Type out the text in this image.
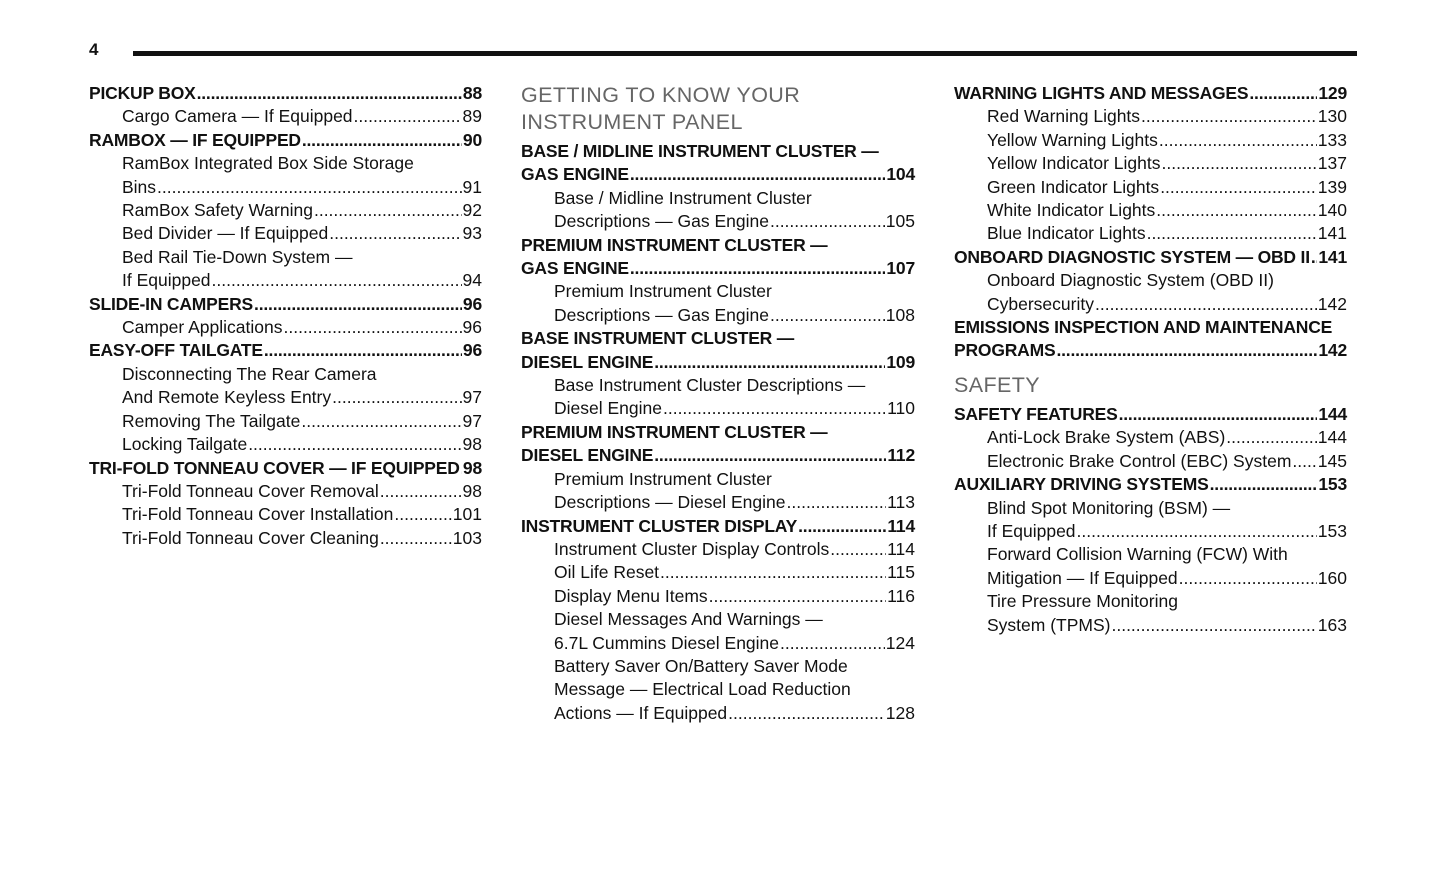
4
PICKUP BOX .....	88
Cargo Camera — If Equipped .....	89
RAMBOX — IF EQUIPPED .....	90
RamBox Integrated Box Side Storage
Bins .....	91
RamBox Safety Warning .....	92
Bed Divider — If Equipped .....	93
Bed Rail Tie-Down System —
If Equipped .....	94
SLIDE-IN CAMPERS .....	96
Camper Applications .....	96
EASY-OFF TAILGATE .....	96
Disconnecting The Rear Camera
And Remote Keyless Entry .....	97
Removing The Tailgate .....	97
Locking Tailgate .....	98
TRI-FOLD TONNEAU COVER — IF EQUIPPED ..... 98
Tri-Fold Tonneau Cover Removal .....	98
Tri-Fold Tonneau Cover Installation .....	101
Tri-Fold Tonneau Cover Cleaning .....	103
GETTING TO KNOW YOUR
INSTRUMENT PANEL
BASE / MIDLINE INSTRUMENT CLUSTER —
GAS ENGINE .....	104
Base / Midline Instrument Cluster
Descriptions — Gas Engine .....	105
PREMIUM INSTRUMENT CLUSTER —
GAS ENGINE .....	107
Premium Instrument Cluster
Descriptions — Gas Engine .....	108
BASE INSTRUMENT CLUSTER —
DIESEL ENGINE .....	109
Base Instrument Cluster Descriptions —
Diesel Engine .....	110
PREMIUM INSTRUMENT CLUSTER —
DIESEL ENGINE .....	112
Premium Instrument Cluster
Descriptions — Diesel Engine .....	113
INSTRUMENT CLUSTER DISPLAY .....	114
Instrument Cluster Display Controls .....	114
Oil Life Reset .....	115
Display Menu Items .....	116
Diesel Messages And Warnings —
6.7L Cummins Diesel Engine .....	124
Battery Saver On/Battery Saver Mode
Message — Electrical Load Reduction
Actions — If Equipped .....	128
WARNING LIGHTS AND MESSAGES .....	129
Red Warning Lights .....	130
Yellow Warning Lights .....	133
Yellow Indicator Lights .....	137
Green Indicator Lights .....	139
White Indicator Lights .....	140
Blue Indicator Lights .....	141
ONBOARD DIAGNOSTIC SYSTEM — OBD II ..... 141
Onboard Diagnostic System (OBD II)
Cybersecurity .....	142
EMISSIONS INSPECTION AND MAINTENANCE
PROGRAMS .....	142
SAFETY
SAFETY FEATURES .....	144
Anti-Lock Brake System (ABS) .....	144
Electronic Brake Control (EBC) System ..... 145
AUXILIARY DRIVING SYSTEMS .....	153
Blind Spot Monitoring (BSM) —
If Equipped .....	153
Forward Collision Warning (FCW) With
Mitigation — If Equipped .....	160
Tire Pressure Monitoring
System (TPMS) .....	163
